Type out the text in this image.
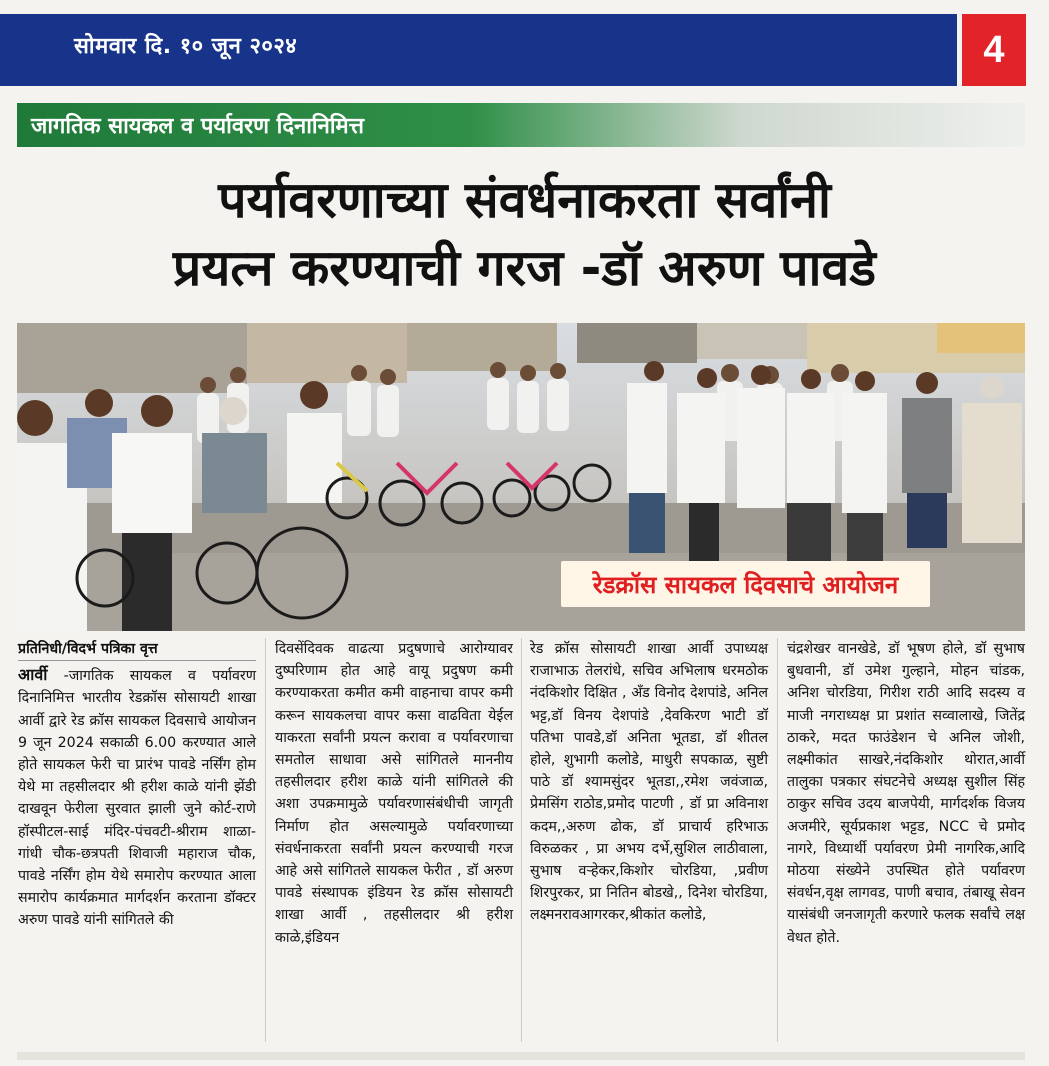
सोमवार दि. १० जून २०२४	4
जागतिक सायकल व पर्यावरण दिनानिमित्त
पर्यावरणाच्या संवर्धनाकरता सर्वांनी
प्रयत्न करण्याची गरज -डॉ अरुण पावडे
रेडक्रॉस सायकल दिवसाचे आयोजन
प्रतिनिधी/विदर्भ पत्रिका वृत्त

आर्वी -जागतिक सायकल व पर्यावरण दिनानिमित्त भारतीय रेडक्रॉस सोसायटी शाखा आर्वी द्वारे रेड क्रॉस सायकल दिवसाचे आयोजन 9 जून 2024 सकाळी 6.00 करण्यात आले होते सायकल फेरी चा प्रारंभ पावडे नर्सिंग होम येथे मा तहसीलदार श्री हरीश काळे यांनी झेंडी दाखवून फेरीला सुरवात झाली जुने कोर्ट-राणे हॉस्पीटल-साई मंदिर-पंचवटी-श्रीराम शाळा-गांधी चौक-छत्रपती शिवाजी महाराज चौक, पावडे नर्सिंग होम येथे समारोप करण्यात आला समारोप कार्यक्रमात मार्गदर्शन करताना डॉक्टर अरुण पावडे यांनी सांगितले की

दिवसेंदिवक वाढत्या प्रदुषणाचे आरोग्यावर दुष्परिणाम होत आहे वायू प्रदुषण कमी करण्याकरता कमीत कमी वाहनाचा वापर कमी करून सायकलचा वापर कसा वाढविता येईल याकरता सर्वांनी प्रयत्न करावा व पर्यावरणाचा समतोल साधावा असे सांगितले माननीय तहसीलदार हरीश काळे यांनी सांगितले की अशा उपक्रमामुळे पर्यावरणासंबंधीची जागृती निर्माण होत असल्यामुळे पर्यावरणाच्या संवर्धनाकरता सर्वांनी प्रयत्न करण्याची गरज आहे असे सांगितले सायकल फेरीत , डॉ अरुण पावडे संस्थापक इंडियन रेड क्रॉस सोसायटी शाखा आर्वी , तहसीलदार श्री हरीश काळे,इंडियन

रेड क्रॉस सोसायटी शाखा आर्वी उपाध्यक्ष राजाभाऊ तेलरांधे, सचिव अभिलाष धरमठोक नंदकिशोर दिक्षित , अँड विनोद देशपांडे, अनिल भट्ट,डॉ विनय देशपांडे ,देवकिरण भाटी डॉ पतिभा पावडे,डॉ अनिता भूतडा, डॉ शीतल होले, शुभागी कलोडे, माधुरी सपकाळ, सुष्टी पाठे डॉ श्यामसुंदर भूतडा,,रमेश जवंजाळ, प्रेमसिंग राठोड,प्रमोद पाटणी , डॉ प्रा अविनाश कदम,,अरुण ढोक, डॉ प्राचार्य हरिभाऊ विरुळकर , प्रा अभय दर्भे,सुशिल लाठीवाला, सुभाष वऱ्हेकर,किशोर चोरडिया, ,प्रवीण शिरपुरकर, प्रा नितिन बोडखे,, दिनेश चोरडिया, लक्ष्मनरावआगरकर,श्रीकांत कलोडे,

चंद्रशेखर वानखेडे, डॉ भूषण होले, डॉ सुभाष बुधवानी, डॉ उमेश गुल्हाने, मोहन चांडक, अनिश चोरडिया, गिरीश राठी आदि सदस्य व माजी नगराध्यक्ष प्रा प्रशांत सव्वालाखे, जितेंद्र ठाकरे, मदत फाउंडेशन चे अनिल जोशी, लक्ष्मीकांत साखरे,नंदकिशोर थोरात,आर्वी तालुका पत्रकार संघटनेचे अध्यक्ष सुशील सिंह ठाकुर सचिव उदय बाजपेयी, मार्गदर्शक विजय अजमीरे, सूर्यप्रकाश भट्टड, NCC चे प्रमोद नागरे, विध्यार्थी पर्यावरण प्रेमी नागरिक,आदि मोठया संख्येने उपस्थित होते पर्यावरण संवर्धन,वृक्ष लागवड, पाणी बचाव, तंबाखू सेवन यासंबंधी जनजागृती करणारे फलक सर्वांचे लक्ष वेधत होते.
